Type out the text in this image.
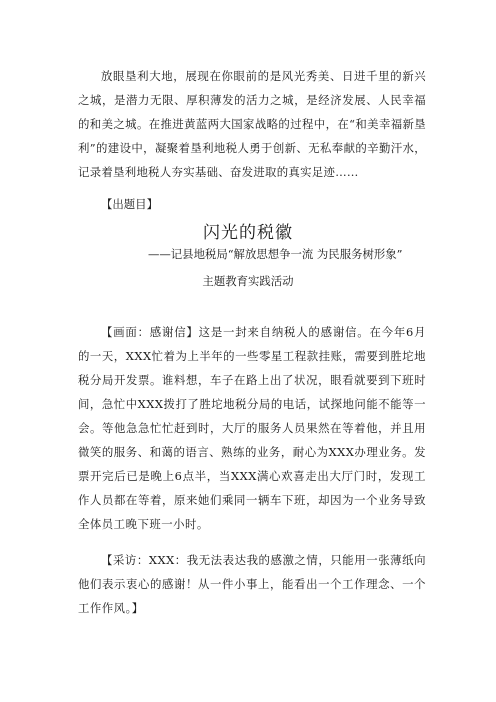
放眼垦利大地，展现在你眼前的是风光秀美、日进千里的新兴之城，是潜力无限、厚积薄发的活力之城，是经济发展、人民幸福的和美之城。在推进黄蓝两大国家战略的过程中，在“和美幸福新垦利”的建设中，凝聚着垦利地税人勇于创新、无私奉献的辛勤汗水，记录着垦利地税人夯实基础、奋发进取的真实足迹……

【出题目】

闪光的税徽

——记县地税局“解放思想争一流 为民服务树形象”

主题教育实践活动

【画面：感谢信】这是一封来自纳税人的感谢信。在今年6月的一天，XXX忙着为上半年的一些零星工程款挂账，需要到胜坨地税分局开发票。谁料想，车子在路上出了状况，眼看就要到下班时间，急忙中XXX拨打了胜坨地税分局的电话，试探地问能不能等一会。等他急急忙忙赶到时，大厅的服务人员果然在等着他，并且用微笑的服务、和蔼的语言、熟练的业务，耐心为XXX办理业务。发票开完后已是晚上6点半，当XXX满心欢喜走出大厅门时，发现工作人员都在等着，原来她们乘同一辆车下班，却因为一个业务导致全体员工晚下班一小时。

【采访：XXX：我无法表达我的感激之情，只能用一张薄纸向他们表示衷心的感谢！从一件小事上，能看出一个工作理念、一个工作作风。】
